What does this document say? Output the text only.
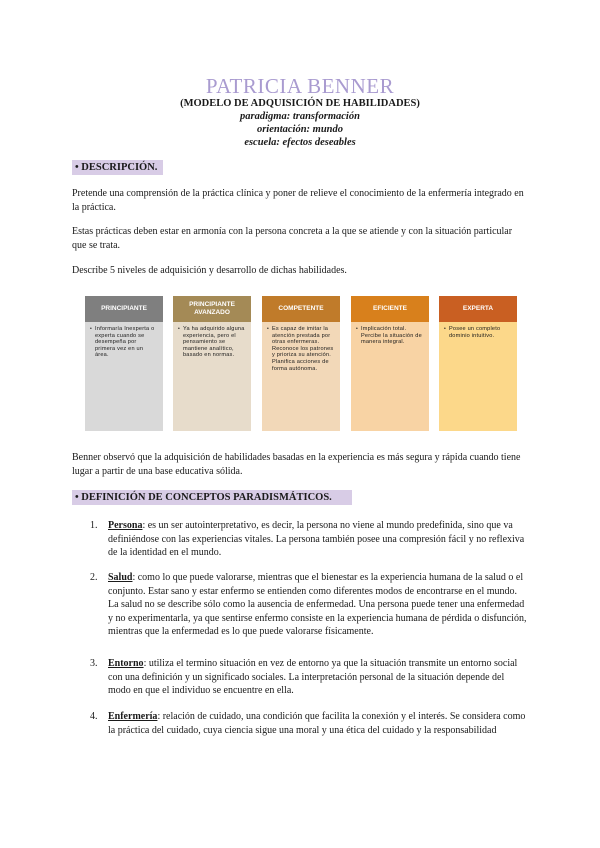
PATRICIA BENNER
(MODELO DE ADQUISICIÓN DE HABILIDADES)
paradigma: transformación
orientación: mundo
escuela: efectos deseables
• DESCRIPCIÓN.
Pretende una comprensión de la práctica clínica y poner de relieve el conocimiento de la enfermería integrado en la práctica.
Estas prácticas deben estar en armonía con la persona concreta a la que se atiende y con la situación particular que se trata.
Describe 5 niveles de adquisición y desarrollo de dichas habilidades.
PRINCIPIANTE
• Informaría Inexperta o experta cuando se desempeña por primera vez en un área.
PRINCIPIANTE AVANZADO
• Ya ha adquirido alguna experiencia, pero el pensamiento se mantiene analítico, basado en normas.
COMPETENTE
• Es capaz de imitar la atención prestada por otras enfermeras. Reconoce los patrones y prioriza su atención. Planifica acciones de forma autónoma.
EFICIENTE
• Implicación total. Percibe la situación de manera integral.
EXPERTA
• Posee un completo dominio intuitivo.
Benner observó que la adquisición de habilidades basadas en la experiencia es más segura y rápida cuando tiene lugar a partir de una base educativa sólida.
• DEFINICIÓN DE CONCEPTOS PARADISMÁTICOS.
1. Persona: es un ser autointerpretativo, es decir, la persona no viene al mundo predefinida, sino que va definiéndose con las experiencias vitales. La persona también posee una compresión fácil y no reflexiva de la identidad en el mundo.
2. Salud: como lo que puede valorarse, mientras que el bienestar es la experiencia humana de la salud o el conjunto. Estar sano y estar enfermo se entienden como diferentes modos de encontrarse en el mundo. La salud no se describe sólo como la ausencia de enfermedad. Una persona puede tener una enfermedad y no experimentarla, ya que sentirse enfermo consiste en la experiencia humana de pérdida o disfunción, mientras que la enfermedad es lo que puede valorarse físicamente.
3. Entorno: utiliza el termino situación en vez de entorno ya que la situación transmite un entorno social con una definición y un significado sociales. La interpretación personal de la situación depende del modo en que el individuo se encuentre en ella.
4. Enfermería: relación de cuidado, una condición que facilita la conexión y el interés. Se considera como la práctica del cuidado, cuya ciencia sigue una moral y una ética del cuidado y la responsabilidad
